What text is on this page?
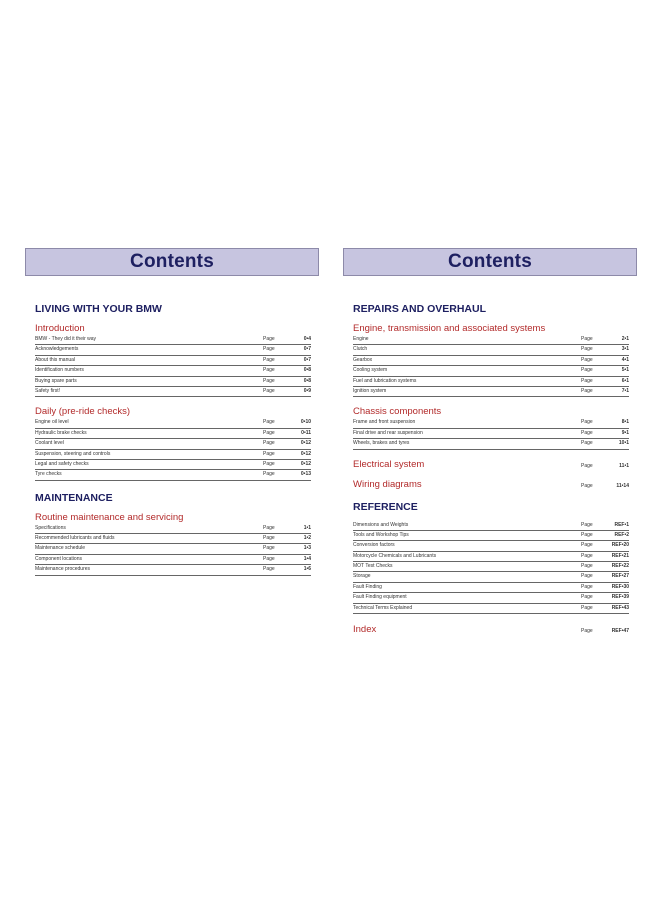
Contents
LIVING WITH YOUR BMW
Introduction
BMW - They did it their way	Page	0•4
Acknowledgements	Page	0•7
About this manual	Page	0•7
Identification numbers	Page	0•8
Buying spare parts	Page	0•8
Safety first!	Page	0•9
Daily (pre-ride checks)
Engine oil level	Page	0•10
Hydraulic brake checks	Page	0•11
Coolant level	Page	0•12
Suspension, steering and controls	Page	0•12
Legal and safety checks	Page	0•12
Tyre checks	Page	0•13
MAINTENANCE
Routine maintenance and servicing
Specifications	Page	1•1
Recommended lubricants and fluids	Page	1•2
Maintenance schedule	Page	1•3
Component locations	Page	1•4
Maintenance procedures	Page	1•6
Contents
REPAIRS AND OVERHAUL
Engine, transmission and associated systems
Engine	Page	2•1
Clutch	Page	3•1
Gearbox	Page	4•1
Cooling system	Page	5•1
Fuel and lubrication systems	Page	6•1
Ignition system	Page	7•1
Chassis components
Frame and front suspension	Page	8•1
Final drive and rear suspension	Page	9•1
Wheels, brakes and tyres	Page	10•1
Electrical system	Page	11•1
Wiring diagrams	Page	11•14
REFERENCE
Dimensions and Weights	Page	REF•1
Tools and Workshop Tips	Page	REF•2
Conversion factors	Page	REF•20
Motorcycle Chemicals and Lubricants	Page	REF•21
MOT Test Checks	Page	REF•22
Storage	Page	REF•27
Fault Finding	Page	REF•30
Fault Finding equipment	Page	REF•39
Technical Terms Explained	Page	REF•43
Index	Page	REF•47
